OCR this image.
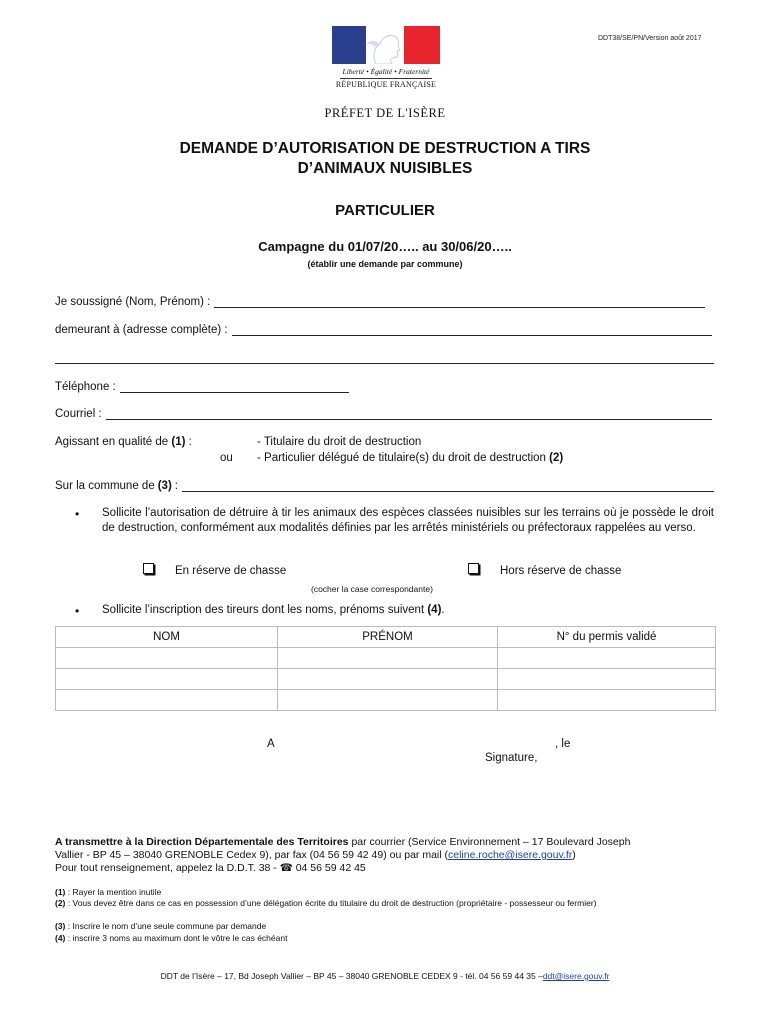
DDT38/SE/PN/Version août 2017
Liberté • Égalité • Fraternité
RÉPUBLIQUE FRANÇAISE
PRÉFET DE L'ISÈRE
DEMANDE D’AUTORISATION DE DESTRUCTION A TIRS
D’ANIMAUX NUISIBLES
PARTICULIER
Campagne du 01/07/20….. au 30/06/20…..
(établir une demande par commune)
Je soussigné (Nom, Prénom) :
demeurant à (adresse complète) :
Téléphone :
Courriel :
Agissant en qualité de (1) :	- Titulaire du droit de destruction
ou - Particulier délégué de titulaire(s) du droit de destruction (2)
Sur la commune de (3) :
• Sollicite l’autorisation de détruire à tir les animaux des espèces classées nuisibles sur les terrains où je possède le droit de destruction, conformément aux modalités définies par les arrêtés ministériels ou préfectoraux rappelées au verso.
En réserve de chasse	Hors réserve de chasse
(cocher la case correspondante)
• Sollicite l’inscription des tireurs dont les noms, prénoms suivent (4).
NOM	PRÉNOM	N° du permis validé

A	, le
Signature,
A transmettre à la Direction Départementale des Territoires par courrier (Service Environnement – 17 Boulevard Joseph
Vallier - BP 45 – 38040 GRENOBLE Cedex 9), par fax (04 56 59 42 49) ou par mail (celine.roche@isere.gouv.fr)
Pour tout renseignement, appelez la D.D.T. 38 - ☎ 04 56 59 42 45
(1) : Rayer la mention inutile
(2) : Vous devez être dans ce cas en possession d’une délégation écrite du titulaire du droit de destruction (propriétaire - possesseur ou fermier)
(3) : Inscrire le nom d’une seule commune par demande
(4) : inscrire 3 noms au maximum dont le vôtre le cas échéant
DDT de l’Isère – 17, Bd Joseph Vallier – BP 45 – 38040 GRENOBLE CEDEX 9 - tél. 04 56 59 44 35 –ddt@isere.gouv.fr
